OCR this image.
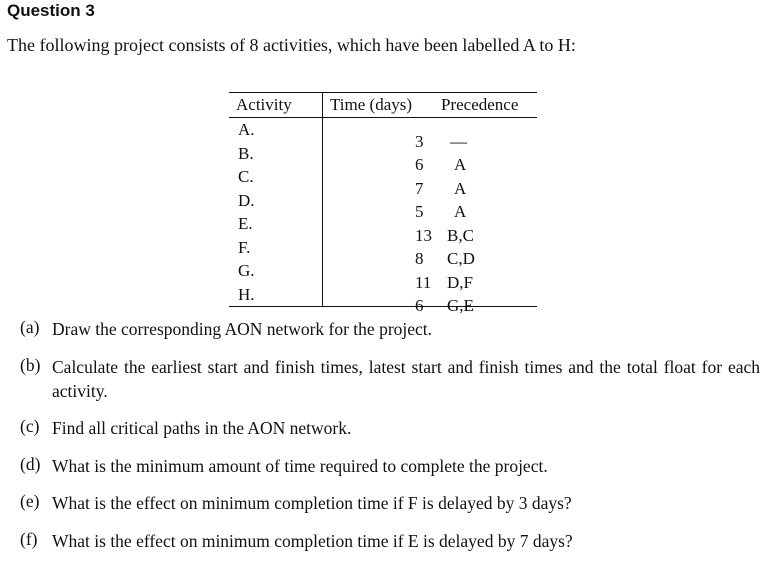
Question 3
The following project consists of 8 activities, which have been labelled A to H:
Activity	Time (days)	Precedence
A.	3	—

B.	6	A

C.	7	A

D.	5	A

E.	13	B,C

F.	8	C,D

G.	11	D,F

H.	6	G,E
(a) Draw the corresponding AON network for the project.
(b) Calculate the earliest start and finish times, latest start and finish times and the total float for each activity.
(c) Find all critical paths in the AON network.
(d) What is the minimum amount of time required to complete the project.
(e) What is the effect on minimum completion time if F is delayed by 3 days?
(f) What is the effect on minimum completion time if E is delayed by 7 days?
